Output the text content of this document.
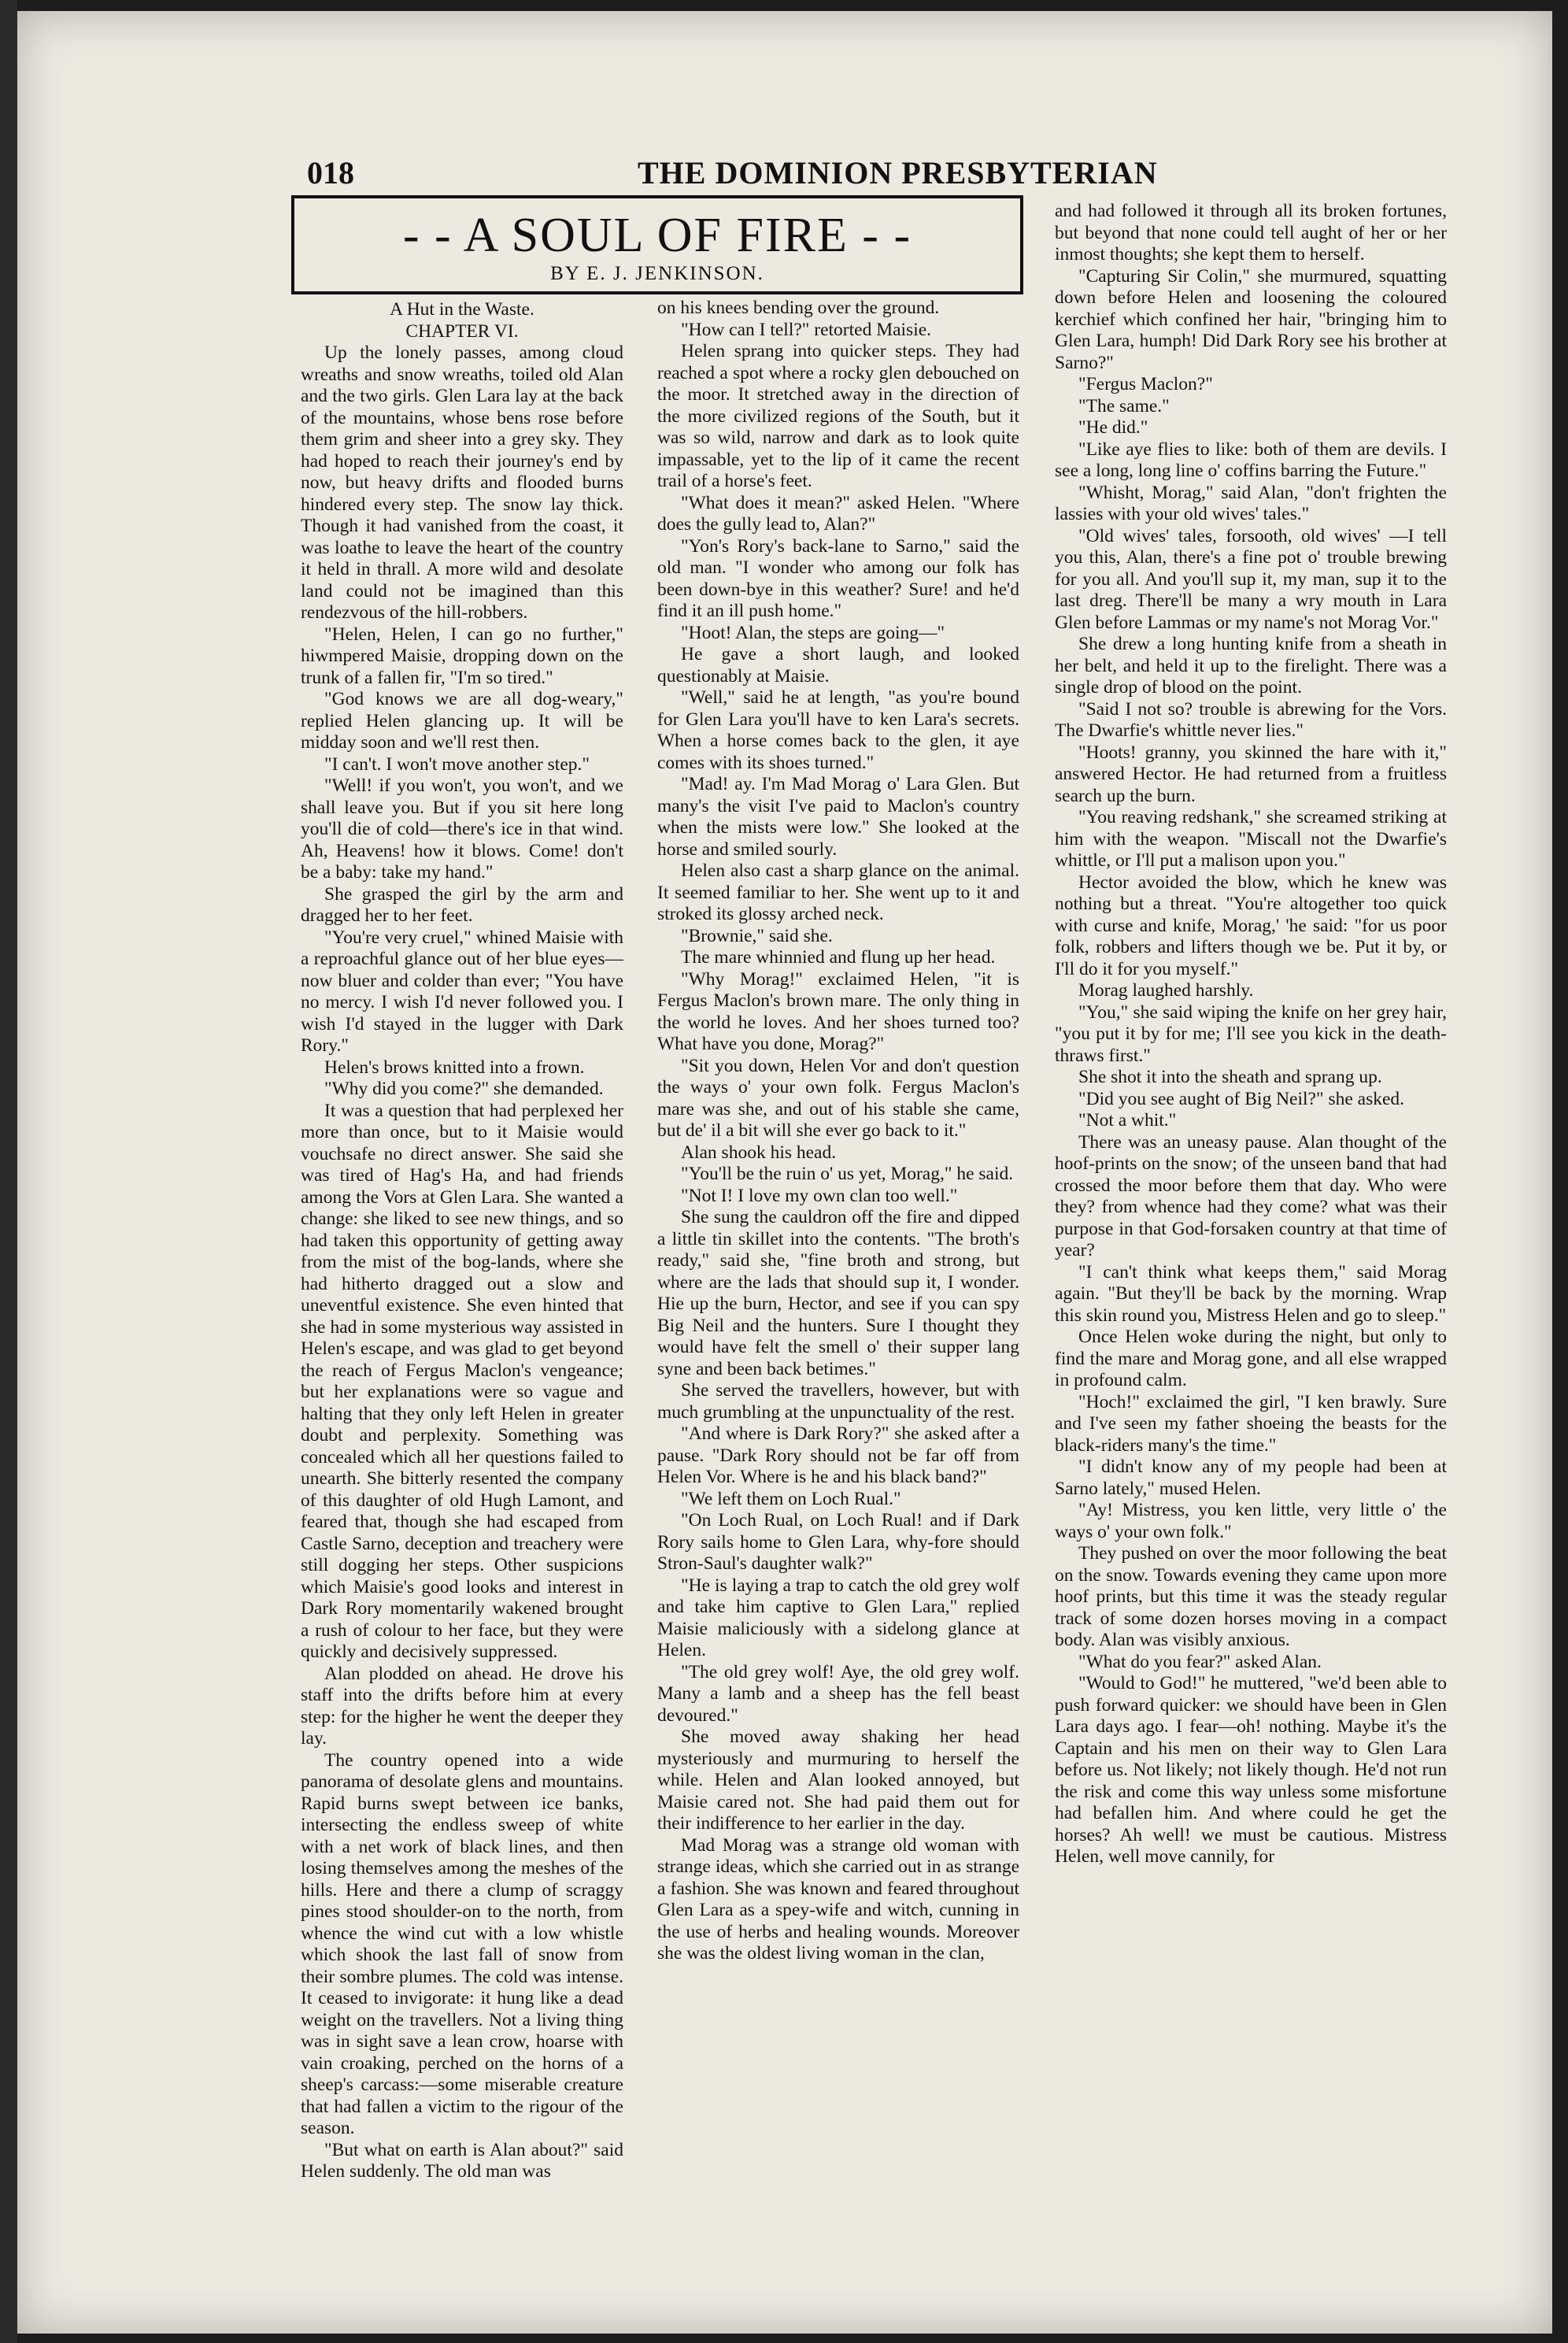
018	THE DOMINION PRESBYTERIAN
- - A SOUL OF FIRE - -
BY E. J. JENKINSON.

A Hut in the Waste.

CHAPTER VI.

Up the lonely passes, among cloud wreaths and snow wreaths, toiled old Alan and the two girls. Glen Lara lay at the back of the mountains, whose bens rose before them grim and sheer into a grey sky. They had hoped to reach their journey's end by now, but heavy drifts and flooded burns hindered every step. The snow lay thick. Though it had vanished from the coast, it was loathe to leave the heart of the country it held in thrall. A more wild and desolate land could not be imagined than this rendezvous of the hill-robbers.

"Helen, Helen, I can go no further," hiwmpered Maisie, dropping down on the trunk of a fallen fir, "I'm so tired."

"God knows we are all dog-weary," replied Helen glancing up. It will be midday soon and we'll rest then.

"I can't. I won't move another step."

"Well! if you won't, you won't, and we shall leave you. But if you sit here long you'll die of cold—there's ice in that wind. Ah, Heavens! how it blows. Come! don't be a baby: take my hand."

She grasped the girl by the arm and dragged her to her feet.

"You're very cruel," whined Maisie with a reproachful glance out of her blue eyes—now bluer and colder than ever; "You have no mercy. I wish I'd never followed you. I wish I'd stayed in the lugger with Dark Rory."

Helen's brows knitted into a frown.

"Why did you come?" she demanded.

It was a question that had perplexed her more than once, but to it Maisie would vouchsafe no direct answer. She said she was tired of Hag's Ha, and had friends among the Vors at Glen Lara. She wanted a change: she liked to see new things, and so had taken this opportunity of getting away from the mist of the bog-lands, where she had hitherto dragged out a slow and uneventful existence. She even hinted that she had in some mysterious way assisted in Helen's escape, and was glad to get beyond the reach of Fergus Maclon's vengeance; but her explanations were so vague and halting that they only left Helen in greater doubt and perplexity. Something was concealed which all her questions failed to unearth. She bitterly resented the company of this daughter of old Hugh Lamont, and feared that, though she had escaped from Castle Sarno, deception and treachery were still dogging her steps. Other suspicions which Maisie's good looks and interest in Dark Rory momentarily wakened brought a rush of colour to her face, but they were quickly and decisively suppressed.

Alan plodded on ahead. He drove his staff into the drifts before him at every step: for the higher he went the deeper they lay.

The country opened into a wide panorama of desolate glens and mountains. Rapid burns swept between ice banks, intersecting the endless sweep of white with a net work of black lines, and then losing themselves among the meshes of the hills. Here and there a clump of scraggy pines stood shoulder-on to the north, from whence the wind cut with a low whistle which shook the last fall of snow from their sombre plumes. The cold was intense. It ceased to invigorate: it hung like a dead weight on the travellers. Not a living thing was in sight save a lean crow, hoarse with vain croaking, perched on the horns of a sheep's carcass:—some miserable creature that had fallen a victim to the rigour of the season.

"But what on earth is Alan about?" said Helen suddenly. The old man was

on his knees bending over the ground.

"How can I tell?" retorted Maisie.

Helen sprang into quicker steps. They had reached a spot where a rocky glen debouched on the moor. It stretched away in the direction of the more civilized regions of the South, but it was so wild, narrow and dark as to look quite impassable, yet to the lip of it came the recent trail of a horse's feet.

"What does it mean?" asked Helen. "Where does the gully lead to, Alan?"

"Yon's Rory's back-lane to Sarno," said the old man. "I wonder who among our folk has been down-bye in this weather? Sure! and he'd find it an ill push home."

"Hoot! Alan, the steps are going—"

He gave a short laugh, and looked questionably at Maisie.

"Well," said he at length, "as you're bound for Glen Lara you'll have to ken Lara's secrets. When a horse comes back to the glen, it aye comes with its shoes turned."

"Mad! ay. I'm Mad Morag o' Lara Glen. But many's the visit I've paid to Maclon's country when the mists were low." She looked at the horse and smiled sourly.

Helen also cast a sharp glance on the animal. It seemed familiar to her. She went up to it and stroked its glossy arched neck.

"Brownie," said she.

The mare whinnied and flung up her head.

"Why Morag!" exclaimed Helen, "it is Fergus Maclon's brown mare. The only thing in the world he loves. And her shoes turned too? What have you done, Morag?"

"Sit you down, Helen Vor and don't question the ways o' your own folk. Fergus Maclon's mare was she, and out of his stable she came, but de' il a bit will she ever go back to it."

Alan shook his head.

"You'll be the ruin o' us yet, Morag," he said.

"Not I! I love my own clan too well."

She sung the cauldron off the fire and dipped a little tin skillet into the contents. "The broth's ready," said she, "fine broth and strong, but where are the lads that should sup it, I wonder. Hie up the burn, Hector, and see if you can spy Big Neil and the hunters. Sure I thought they would have felt the smell o' their supper lang syne and been back betimes."

She served the travellers, however, but with much grumbling at the unpunctuality of the rest.

"And where is Dark Rory?" she asked after a pause. "Dark Rory should not be far off from Helen Vor. Where is he and his black band?"

"We left them on Loch Rual."

"On Loch Rual, on Loch Rual! and if Dark Rory sails home to Glen Lara, why-fore should Stron-Saul's daughter walk?"

"He is laying a trap to catch the old grey wolf and take him captive to Glen Lara," replied Maisie maliciously with a sidelong glance at Helen.

"The old grey wolf! Aye, the old grey wolf. Many a lamb and a sheep has the fell beast devoured."

She moved away shaking her head mysteriously and murmuring to herself the while. Helen and Alan looked annoyed, but Maisie cared not. She had paid them out for their indifference to her earlier in the day.

Mad Morag was a strange old woman with strange ideas, which she carried out in as strange a fashion. She was known and feared throughout Glen Lara as a spey-wife and witch, cunning in the use of herbs and healing wounds. Moreover she was the oldest living woman in the clan,

and had followed it through all its broken fortunes, but beyond that none could tell aught of her or her inmost thoughts; she kept them to herself.

"Capturing Sir Colin," she murmured, squatting down before Helen and loosening the coloured kerchief which confined her hair, "bringing him to Glen Lara, humph! Did Dark Rory see his brother at Sarno?"

"Fergus Maclon?"

"The same."

"He did."

"Like aye flies to like: both of them are devils. I see a long, long line o' coffins barring the Future."

"Whisht, Morag," said Alan, "don't frighten the lassies with your old wives' tales."

"Old wives' tales, forsooth, old wives' —I tell you this, Alan, there's a fine pot o' trouble brewing for you all. And you'll sup it, my man, sup it to the last dreg. There'll be many a wry mouth in Lara Glen before Lammas or my name's not Morag Vor."

She drew a long hunting knife from a sheath in her belt, and held it up to the firelight. There was a single drop of blood on the point.

"Said I not so? trouble is abrewing for the Vors. The Dwarfie's whittle never lies."

"Hoots! granny, you skinned the hare with it," answered Hector. He had returned from a fruitless search up the burn.

"You reaving redshank," she screamed striking at him with the weapon. "Miscall not the Dwarfie's whittle, or I'll put a malison upon you."

Hector avoided the blow, which he knew was nothing but a threat. "You're altogether too quick with curse and knife, Morag,' 'he said: "for us poor folk, robbers and lifters though we be. Put it by, or I'll do it for you myself."

Morag laughed harshly.

"You," she said wiping the knife on her grey hair, "you put it by for me; I'll see you kick in the death-thraws first."

She shot it into the sheath and sprang up.

"Did you see aught of Big Neil?" she asked.

"Not a whit."

There was an uneasy pause. Alan thought of the hoof-prints on the snow; of the unseen band that had crossed the moor before them that day. Who were they? from whence had they come? what was their purpose in that God-forsaken country at that time of year?

"I can't think what keeps them," said Morag again. "But they'll be back by the morning. Wrap this skin round you, Mistress Helen and go to sleep."

Once Helen woke during the night, but only to find the mare and Morag gone, and all else wrapped in profound calm.

"Hoch!" exclaimed the girl, "I ken brawly. Sure and I've seen my father shoeing the beasts for the black-riders many's the time."

"I didn't know any of my people had been at Sarno lately," mused Helen.

"Ay! Mistress, you ken little, very little o' the ways o' your own folk."

They pushed on over the moor following the beat on the snow. Towards evening they came upon more hoof prints, but this time it was the steady regular track of some dozen horses moving in a compact body. Alan was visibly anxious.

"What do you fear?" asked Alan.

"Would to God!" he muttered, "we'd been able to push forward quicker: we should have been in Glen Lara days ago. I fear—oh! nothing. Maybe it's the Captain and his men on their way to Glen Lara before us. Not likely; not likely though. He'd not run the risk and come this way unless some misfortune had befallen him. And where could he get the horses? Ah well! we must be cautious. Mistress Helen, well move cannily, for
